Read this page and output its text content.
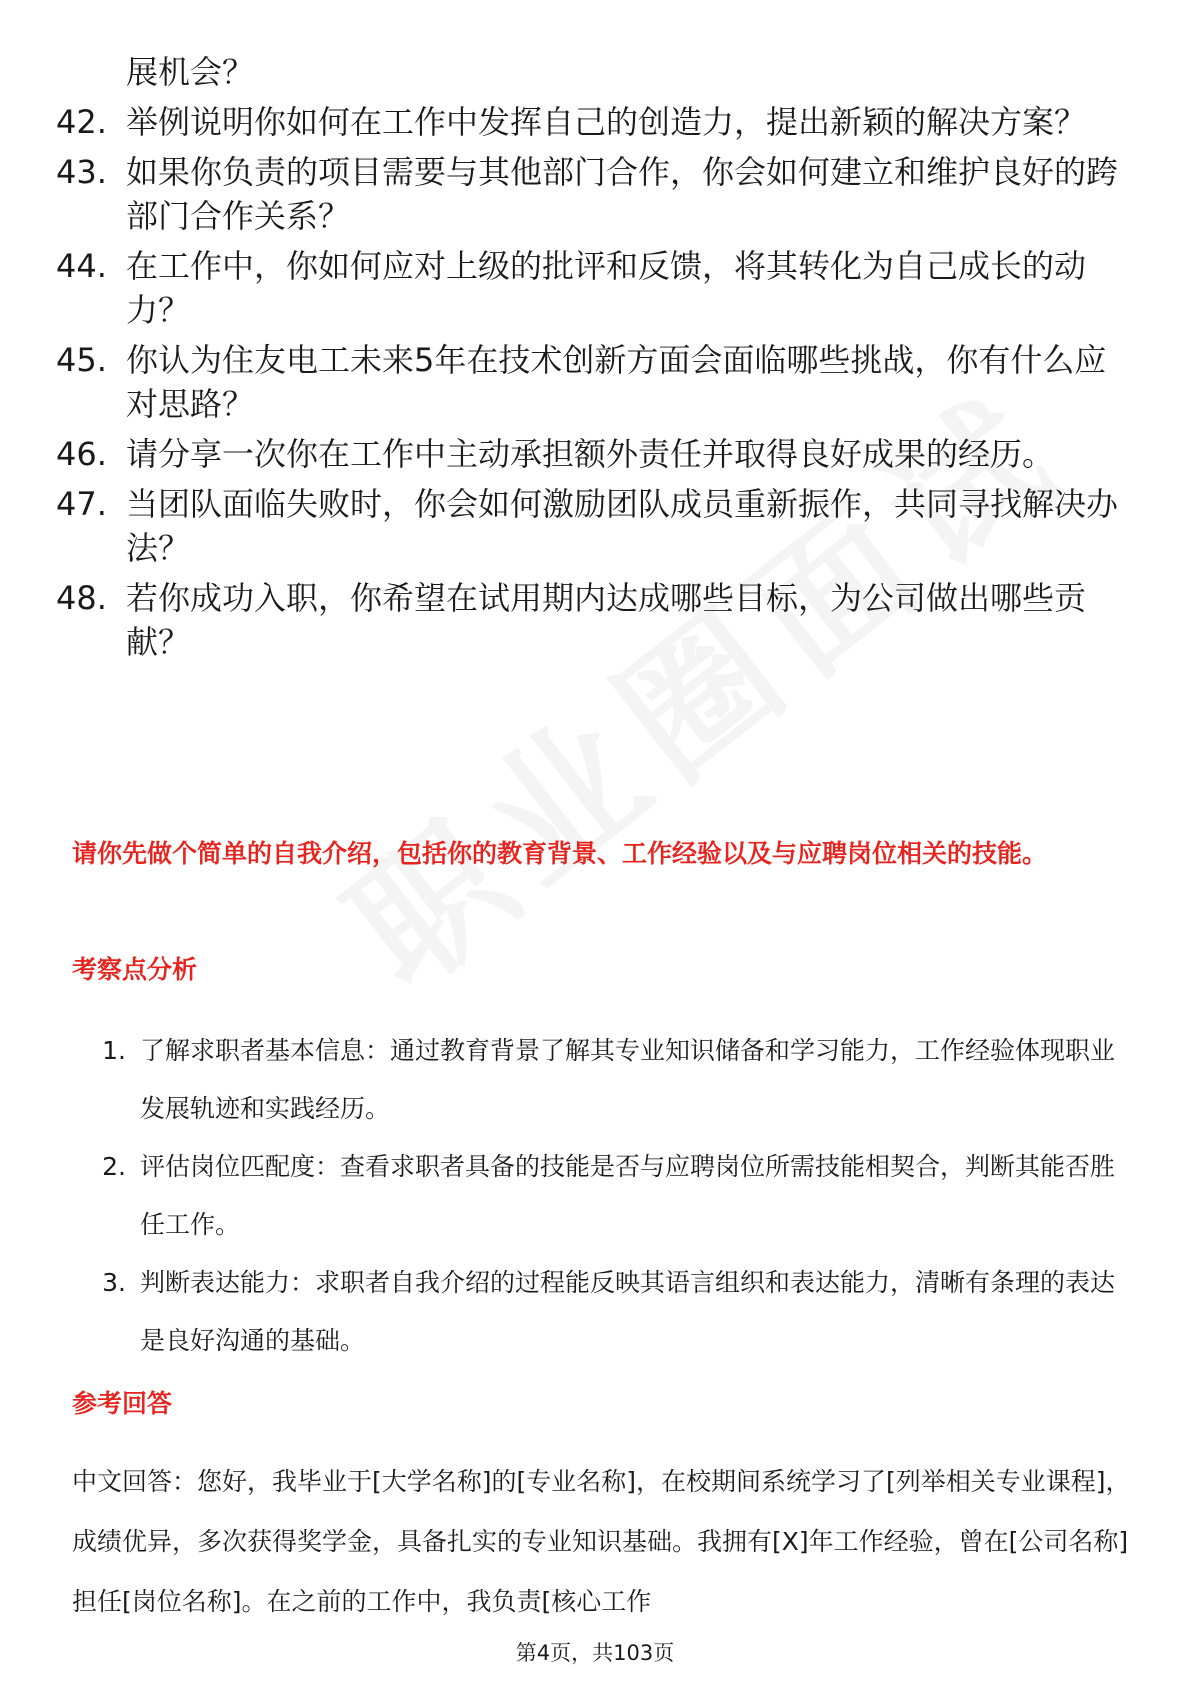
展机会？
42. 举例说明你如何在工作中发挥自己的创造力，提出新颖的解决方案？
43. 如果你负责的项目需要与其他部门合作，你会如何建立和维护良好的跨部门合作关系？
44. 在工作中，你如何应对上级的批评和反馈，将其转化为自己成长的动力？
45. 你认为住友电工未来5年在技术创新方面会面临哪些挑战，你有什么应对思路？
46. 请分享一次你在工作中主动承担额外责任并取得良好成果的经历。
47. 当团队面临失败时，你会如何激励团队成员重新振作，共同寻找解决办法？
48. 若你成功入职，你希望在试用期内达成哪些目标，为公司做出哪些贡献？
请你先做个简单的自我介绍，包括你的教育背景、工作经验以及与应聘岗位相关的技能。
考察点分析
1. 了解求职者基本信息：通过教育背景了解其专业知识储备和学习能力，工作经验体现职业发展轨迹和实践经历。
2. 评估岗位匹配度：查看求职者具备的技能是否与应聘岗位所需技能相契合，判断其能否胜任工作。
3. 判断表达能力：求职者自我介绍的过程能反映其语言组织和表达能力，清晰有条理的表达是良好沟通的基础。
参考回答
中文回答：您好，我毕业于[大学名称]的[专业名称]，在校期间系统学习了[列举相关专业课程]，成绩优异，多次获得奖学金，具备扎实的专业知识基础。我拥有[X]年工作经验，曾在[公司名称]担任[岗位名称]。在之前的工作中，我负责[核心工作
第4页，共103页
